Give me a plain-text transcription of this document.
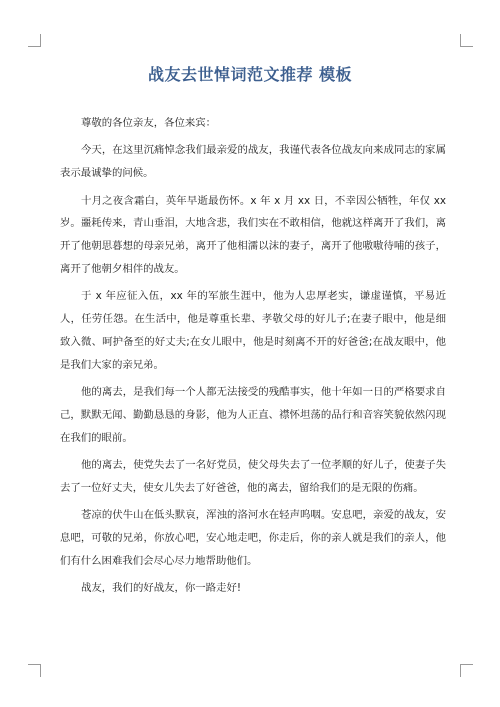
战友去世悼词范文推荐 模板

尊敬的各位亲友，各位来宾：

今天，在这里沉痛悼念我们最亲爱的战友，我谨代表各位战友向来成同志的家属表示最诚挚的问候。

十月之夜含霜白，英年早逝最伤怀。x 年 x 月 xx 日，不幸因公牺牲，年仅 xx 岁。噩耗传来，青山垂泪，大地含悲，我们实在不敢相信，他就这样离开了我们，离开了他朝思暮想的母亲兄弟，离开了他相濡以沫的妻子，离开了他嗷嗷待哺的孩子，离开了他朝夕相伴的战友。

于 x 年应征入伍，xx 年的军旅生涯中，他为人忠厚老实，谦虚谨慎，平易近人，任劳任怨。在生活中，他是尊重长辈、孝敬父母的好儿子;在妻子眼中，他是细致入微、呵护备至的好丈夫;在女儿眼中，他是时刻离不开的好爸爸;在战友眼中，他是我们大家的亲兄弟。

他的离去，是我们每一个人都无法接受的残酷事实，他十年如一日的严格要求自己，默默无闻、勤勤恳恳的身影，他为人正直、襟怀坦荡的品行和音容笑貌依然闪现在我们的眼前。

他的离去，使党失去了一名好党员，使父母失去了一位孝顺的好儿子，使妻子失去了一位好丈夫，使女儿失去了好爸爸，他的离去，留给我们的是无限的伤痛。

苍凉的伏牛山在低头默哀，浑浊的洛河水在轻声呜咽。安息吧，亲爱的战友，安息吧，可敬的兄弟，你放心吧，安心地走吧，你走后，你的亲人就是我们的亲人，他们有什么困难我们会尽心尽力地帮助他们。

战友，我们的好战友，你一路走好!
